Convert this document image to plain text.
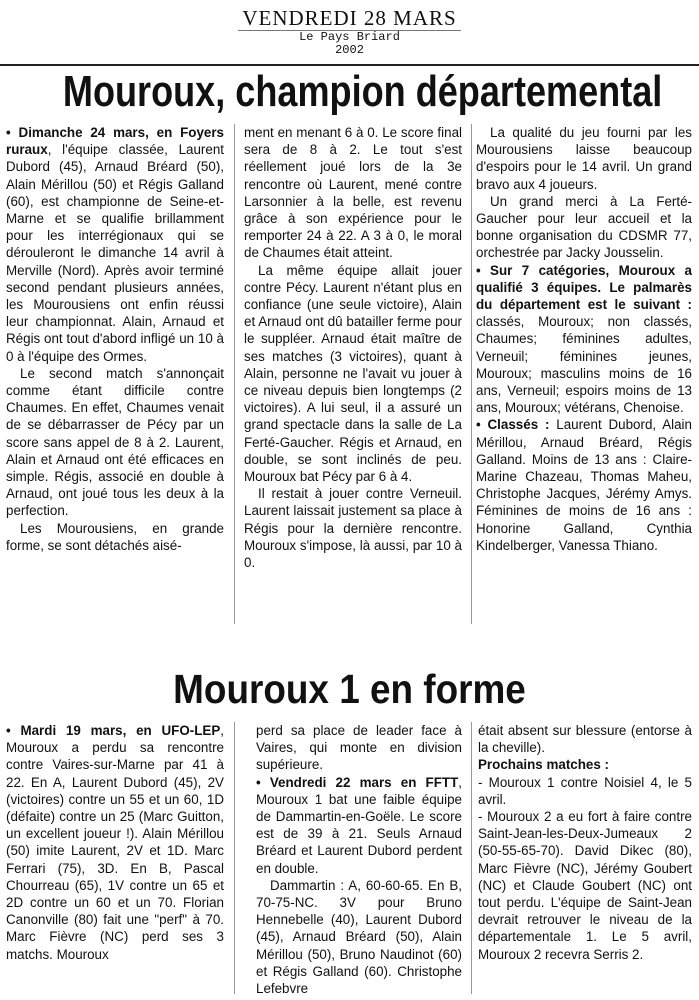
VENDREDI 28 MARS
Le Pays Briard
2002
Mouroux, champion départemental

• Dimanche 24 mars, en Foyers ruraux, l'équipe classée, Laurent Dubord (45), Arnaud Bréard (50), Alain Mérillou (50) et Régis Galland (60), est championne de Seine-et-Marne et se qualifie brillamment pour les interrégionaux qui se dérouleront le dimanche 14 avril à Merville (Nord). Après avoir terminé second pendant plusieurs années, les Mourousiens ont enfin réussi leur championnat. Alain, Arnaud et Régis ont tout d'abord infligé un 10 à 0 à l'équipe des Ormes.

Le second match s'annonçait comme étant difficile contre Chaumes. En effet, Chaumes venait de se débarrasser de Pécy par un score sans appel de 8 à 2. Laurent, Alain et Arnaud ont été efficaces en simple. Régis, associé en double à Arnaud, ont joué tous les deux à la perfection.

Les Mourousiens, en grande forme, se sont détachés aisé-

ment en menant 6 à 0. Le score final sera de 8 à 2. Le tout s'est réellement joué lors de la 3e rencontre où Laurent, mené contre Larsonnier à la belle, est revenu grâce à son expérience pour le remporter 24 à 22. A 3 à 0, le moral de Chaumes était atteint.

La même équipe allait jouer contre Pécy. Laurent n'étant plus en confiance (une seule victoire), Alain et Arnaud ont dû batailler ferme pour le suppléer. Arnaud était maître de ses matches (3 victoires), quant à Alain, personne ne l'avait vu jouer à ce niveau depuis bien longtemps (2 victoires). A lui seul, il a assuré un grand spectacle dans la salle de La Ferté-Gaucher. Régis et Arnaud, en double, se sont inclinés de peu. Mouroux bat Pécy par 6 à 4.

Il restait à jouer contre Verneuil. Laurent laissait justement sa place à Régis pour la dernière rencontre. Mouroux s'impose, là aussi, par 10 à 0.

La qualité du jeu fourni par les Mourousiens laisse beaucoup d'espoirs pour le 14 avril. Un grand bravo aux 4 joueurs.

Un grand merci à La Ferté-Gaucher pour leur accueil et la bonne organisation du CDSMR 77, orchestrée par Jacky Jousselin.

• Sur 7 catégories, Mouroux a qualifié 3 équipes. Le palmarès du département est le suivant : classés, Mouroux; non classés, Chaumes; féminines adultes, Verneuil; féminines jeunes, Mouroux; masculins moins de 16 ans, Verneuil; espoirs moins de 13 ans, Mouroux; vétérans, Chenoise.

• Classés : Laurent Dubord, Alain Mérillou, Arnaud Bréard, Régis Galland. Moins de 13 ans : Claire-Marine Chazeau, Thomas Maheu, Christophe Jacques, Jérémy Amys. Féminines de moins de 16 ans : Honorine Galland, Cynthia Kindelberger, Vanessa Thiano.

Mouroux 1 en forme

• Mardi 19 mars, en UFO-LEP, Mouroux a perdu sa rencontre contre Vaires-sur-Marne par 41 à 22. En A, Laurent Dubord (45), 2V (victoires) contre un 55 et un 60, 1D (défaite) contre un 25 (Marc Guitton, un excellent joueur !). Alain Mérillou (50) imite Laurent, 2V et 1D. Marc Ferrari (75), 3D. En B, Pascal Chourreau (65), 1V contre un 65 et 2D contre un 60 et un 70. Florian Canonville (80) fait une "perf" à 70. Marc Fièvre (NC) perd ses 3 matchs. Mouroux

perd sa place de leader face à Vaires, qui monte en division supérieure.

• Vendredi 22 mars en FFTT, Mouroux 1 bat une faible équipe de Dammartin-en-Goële. Le score est de 39 à 21. Seuls Arnaud Bréard et Laurent Dubord perdent en double.

Dammartin : A, 60-60-65. En B, 70-75-NC. 3V pour Bruno Hennebelle (40), Laurent Dubord (45), Arnaud Bréard (50), Alain Mérillou (50), Bruno Naudinot (60) et Régis Galland (60). Christophe Lefebvre

était absent sur blessure (entorse à la cheville).

Prochains matches :

- Mouroux 1 contre Noisiel 4, le 5 avril.

- Mouroux 2 a eu fort à faire contre Saint-Jean-les-Deux-Jumeaux 2 (50-55-65-70). David Dikec (80), Marc Fièvre (NC), Jérémy Goubert (NC) et Claude Goubert (NC) ont tout perdu. L'équipe de Saint-Jean devrait retrouver le niveau de la départementale 1. Le 5 avril, Mouroux 2 recevra Serris 2.
